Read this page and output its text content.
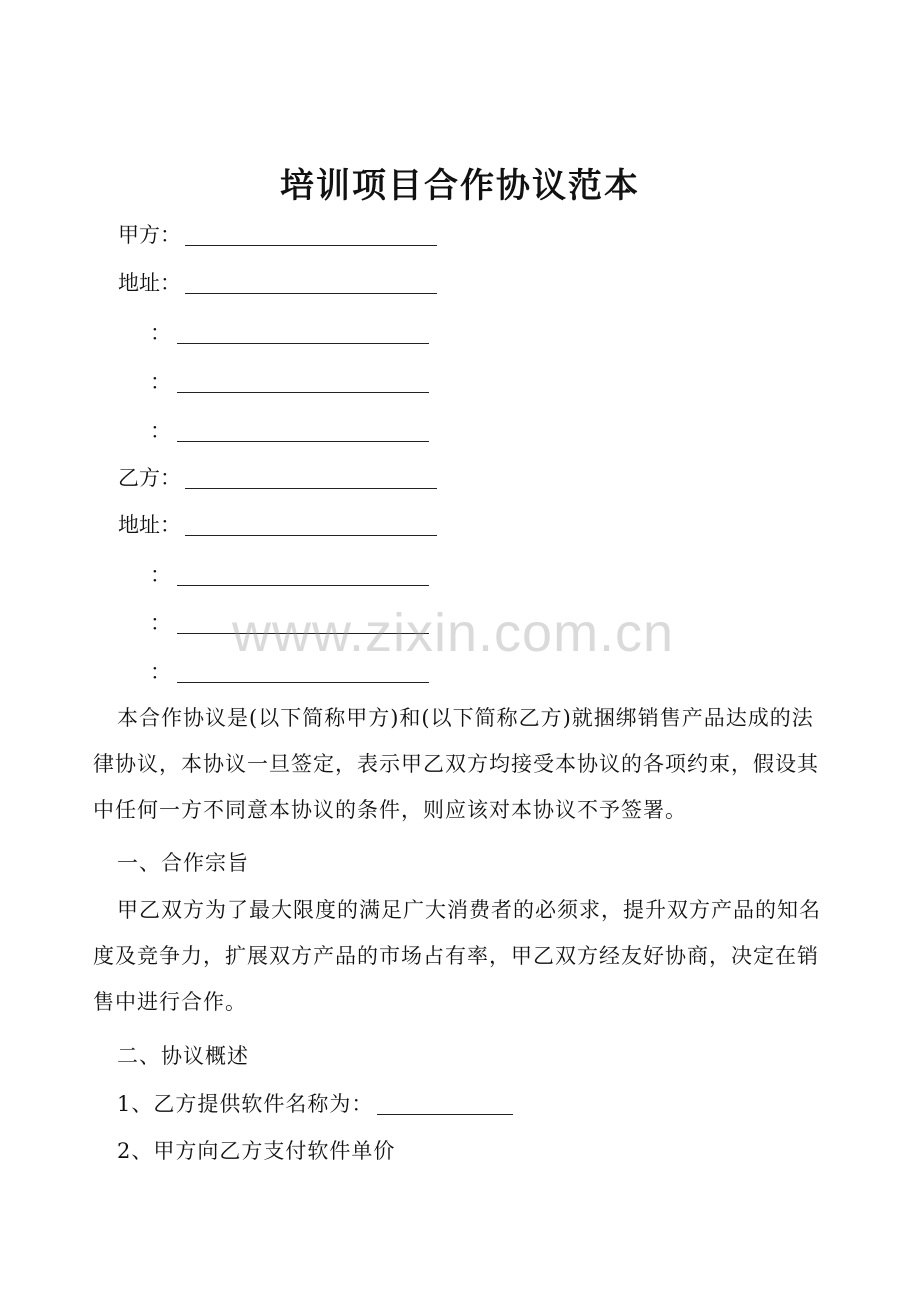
培训项目合作协议范本
甲方：
地址：
：
：
：
乙方：
地址：
：
：
：
本合作协议是(以下简称甲方)和(以下简称乙方)就捆绑销售产品达成的法律协议，本协议一旦签定，表示甲乙双方均接受本协议的各项约束，假设其中任何一方不同意本协议的条件，则应该对本协议不予签署。
一、合作宗旨
甲乙双方为了最大限度的满足广大消费者的必须求，提升双方产品的知名度及竞争力，扩展双方产品的市场占有率，甲乙双方经友好协商，决定在销售中进行合作。
二、协议概述
1、乙方提供软件名称为：
2、甲方向乙方支付软件单价
www.zixin.com.cn
